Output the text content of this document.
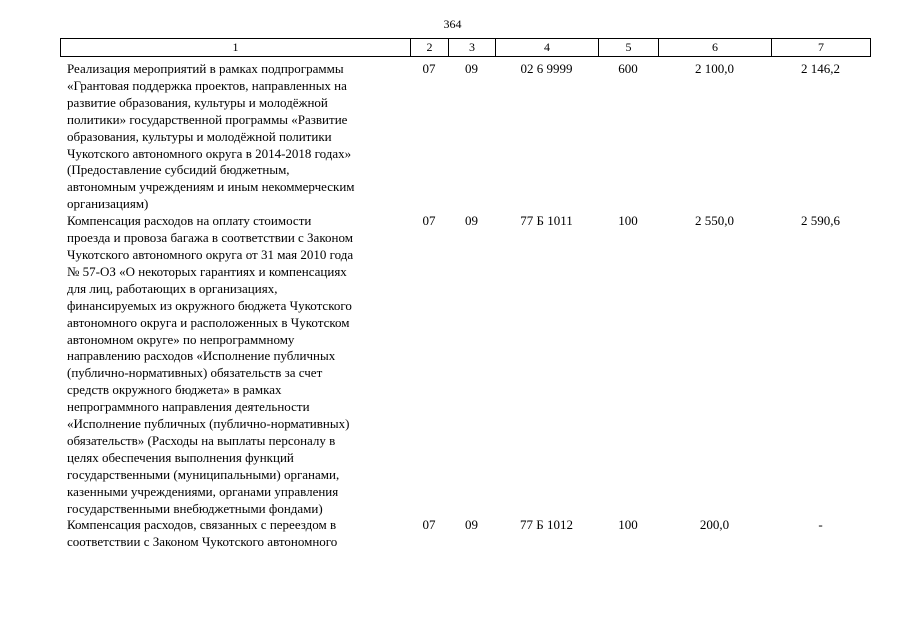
364
1	2	3	4	5	6	7
Реализация мероприятий в рамках подпрограммы
«Грантовая поддержка проектов, направленных на
развитие образования, культуры и молодёжной
политики» государственной программы «Развитие
образования, культуры и молодёжной политики
Чукотского автономного округа в 2014-2018 годах»
(Предоставление субсидий бюджетным,
автономным учреждениям и иным некоммерческим
организациям)
07	09	02 6 9999	600	2 100,0	2 146,2
Компенсация расходов на оплату стоимости
проезда и провоза багажа в соответствии с Законом
Чукотского автономного округа от 31 мая 2010 года
№ 57-ОЗ «О некоторых гарантиях и компенсациях
для лиц, работающих в организациях,
финансируемых из окружного бюджета Чукотского
автономного округа и расположенных в Чукотском
автономном округе» по непрограммному
направлению расходов «Исполнение публичных
(публично-нормативных) обязательств за счет
средств окружного бюджета» в рамках
непрограммного направления деятельности
«Исполнение публичных (публично-нормативных)
обязательств» (Расходы на выплаты персоналу в
целях обеспечения выполнения функций
государственными (муниципальными) органами,
казенными учреждениями, органами управления
государственными внебюджетными фондами)
07	09	77 Б 1011	100	2 550,0	2 590,6
Компенсация расходов, связанных с переездом в
соответствии с Законом Чукотского автономного
07	09	77 Б 1012	100	200,0	-
